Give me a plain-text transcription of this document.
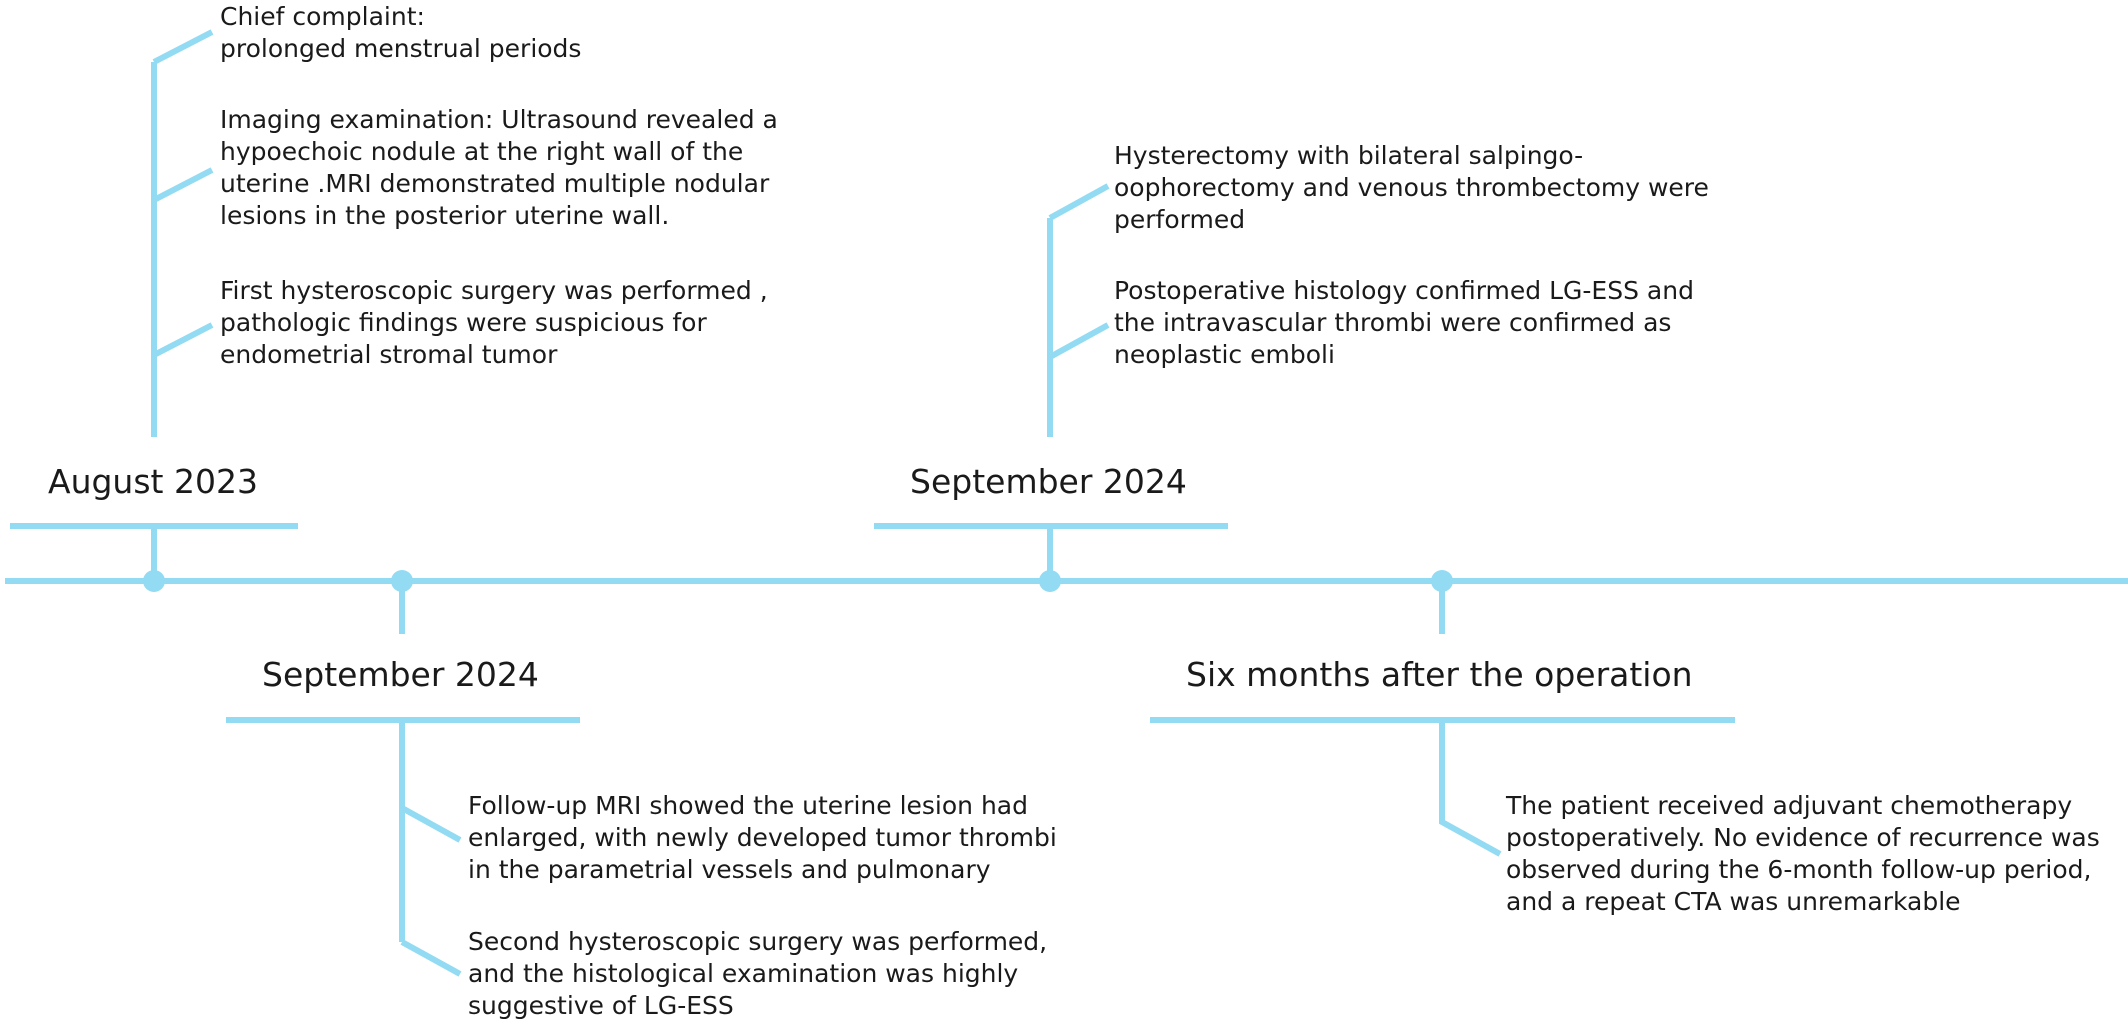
August 2023

Chief complaint:
prolonged menstrual periods

Imaging examination: Ultrasound revealed a
hypoechoic nodule at the right wall of the
uterine .MRI demonstrated multiple nodular
lesions in the posterior uterine wall.

First hysteroscopic surgery was performed ,
pathologic findings were suspicious for
endometrial stromal tumor

September 2024

Follow-up MRI showed the uterine lesion had
enlarged, with newly developed tumor thrombi
in the parametrial vessels and pulmonary

Second hysteroscopic surgery was performed,
and the histological examination was highly
suggestive of LG-ESS

September 2024

Hysterectomy with bilateral salpingo-
oophorectomy and venous thrombectomy were
performed

Postoperative histology confirmed LG-ESS and
the intravascular thrombi were confirmed as
neoplastic emboli

Six months after the operation

The patient received adjuvant chemotherapy
postoperatively. No evidence of recurrence was
observed during the 6-month follow-up period,
and a repeat CTA was unremarkable
